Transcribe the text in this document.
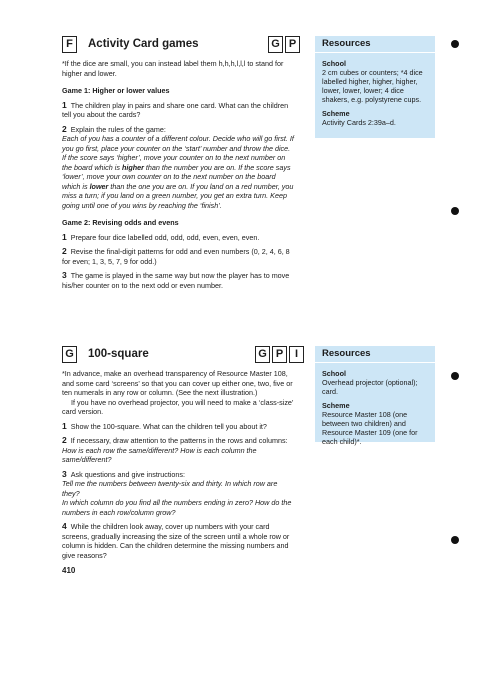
F	Activity Card games	G P

*If the dice are small, you can instead label them h,h,h,l,l,l to stand for higher and lower.

Game 1: Higher or lower values

1 The children play in pairs and share one card. What can the children tell you about the cards?

2 Explain the rules of the game:

Each of you has a counter of a different colour. Decide who will go first. If you go first, place your counter on the ‘start’ number and throw the dice. If the score says ‘higher’, move your counter on to the next number on the board which is higher than the number you are on. If the score says ‘lower’, move your own counter on to the next number on the board which is lower than the one you are on. If you land on a red number, you miss a turn; if you land on a green number, you get an extra turn. Keep going until one of you wins by reaching the ‘finish’.

Game 2: Revising odds and evens

1 Prepare four dice labelled odd, odd, odd, even, even, even.

2 Revise the final-digit patterns for odd and even numbers (0, 2, 4, 6, 8 for even; 1, 3, 5, 7, 9 for odd.)

3 The game is played in the same way but now the player has to move his/her counter on to the next odd or even number.

Resources
School
2 cm cubes or counters; *4 dice labelled higher, higher, higher, lower, lower, lower; 4 dice shakers, e.g. polystyrene cups.
Scheme
Activity Cards 2:39a–d.
G 100-square	G P	I

*In advance, make an overhead transparency of Resource Master 108, and some card ‘screens’ so that you can cover up either one, two, five or ten numerals in any row or column. (See the next illustration.)

If you have no overhead projector, you will need to make a ‘class-size’ card version.

1 Show the 100-square. What can the children tell you about it?

2 If necessary, draw attention to the patterns in the rows and columns: How is each row the same/different? How is each column the same/different?

3 Ask questions and give instructions:

Tell me the numbers between twenty-six and thirty. In which row are they?

In which column do you find all the numbers ending in zero? How do the numbers in each row/column grow?

4 While the children look away, cover up numbers with your card screens, gradually increasing the size of the screen until a whole row or column is hidden. Can the children determine the missing numbers and give reasons?

Resources
School
Overhead projector (optional); card.
Scheme
Resource Master 108 (one between two children) and Resource Master 109 (one for each child)*.
410
